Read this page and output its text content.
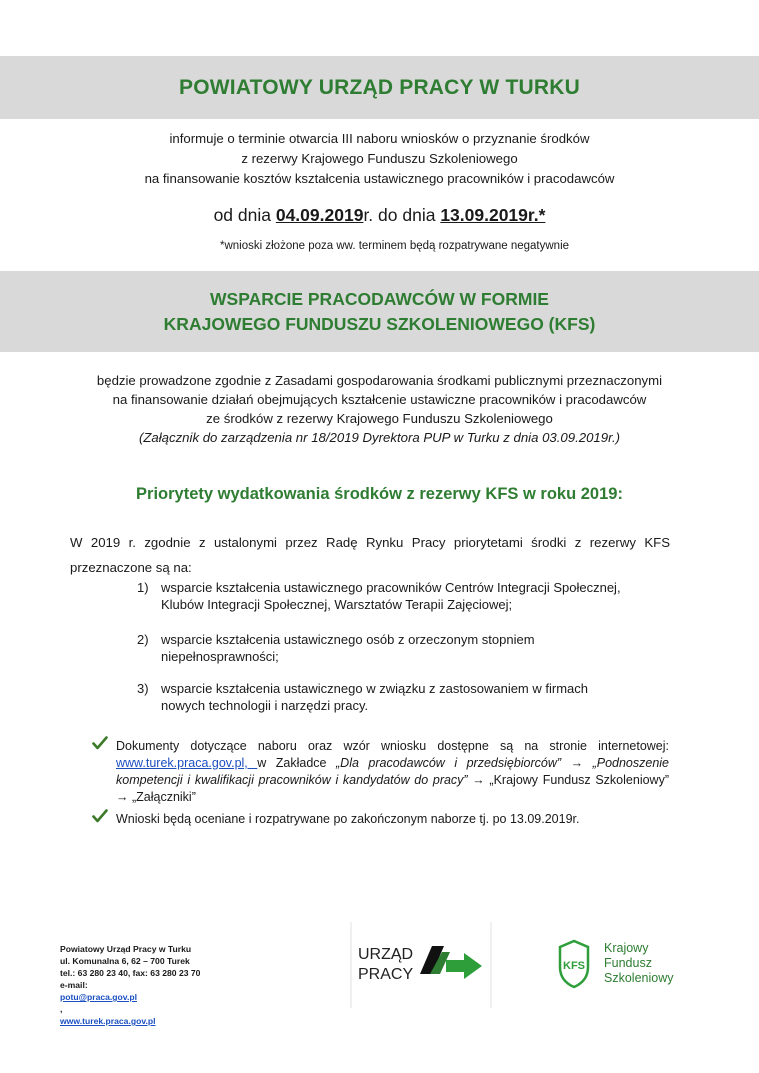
POWIATOWY URZĄD PRACY W TURKU
informuje o terminie otwarcia III naboru wniosków o przyznanie środków
z rezerwy Krajowego Funduszu Szkoleniowego
na finansowanie kosztów kształcenia ustawicznego pracowników i pracodawców
od dnia 04.09.2019r. do dnia 13.09.2019r.*
*wnioski złożone poza ww. terminem będą rozpatrywane negatywnie
WSPARCIE PRACODAWCÓW W FORMIE
KRAJOWEGO FUNDUSZU SZKOLENIOWEGO (KFS)
będzie prowadzone zgodnie z Zasadami gospodarowania środkami publicznymi przeznaczonymi
na finansowanie działań obejmujących kształcenie ustawiczne pracowników i pracodawców
ze środków z rezerwy Krajowego Funduszu Szkoleniowego
(Załącznik do zarządzenia nr 18/2019 Dyrektora PUP w Turku z dnia 03.09.2019r.)
Priorytety wydatkowania środków z rezerwy KFS w roku 2019:
W 2019 r. zgodnie z ustalonymi przez Radę Rynku Pracy priorytetami środki z rezerwy KFS
przeznaczone są na:
1) wsparcie kształcenia ustawicznego pracowników Centrów Integracji Społecznej,
Klubów Integracji Społecznej, Warsztatów Terapii Zajęciowej;
2) wsparcie kształcenia ustawicznego osób z orzeczonym stopniem
niepełnosprawności;
3) wsparcie kształcenia ustawicznego w związku z zastosowaniem w firmach
nowych technologii i narzędzi pracy.
Dokumenty dotyczące naboru oraz wzór wniosku dostępne są na stronie internetowej:
www.turek.praca.gov.pl, w Zakładce „Dla pracodawców i przedsiębiorców” → „Podnoszenie
kompetencji i kwalifikacji pracowników i kandydatów do pracy” → „Krajowy Fundusz Szkoleniowy”
→ „Załączniki”
Wnioski będą oceniane i rozpatrywane po zakończonym naborze tj. po 13.09.2019r.
Powiatowy Urząd Pracy w Turku
ul. Komunalna 6, 62 – 700 Turek
tel.: 63 280 23 40, fax: 63 280 23 70
e-mail:
potu@praca.gov.pl
,
www.turek.praca.gov.pl
URZĄD
PRACY	KFS
Krajowy
Fundusz
Szkoleniowy
